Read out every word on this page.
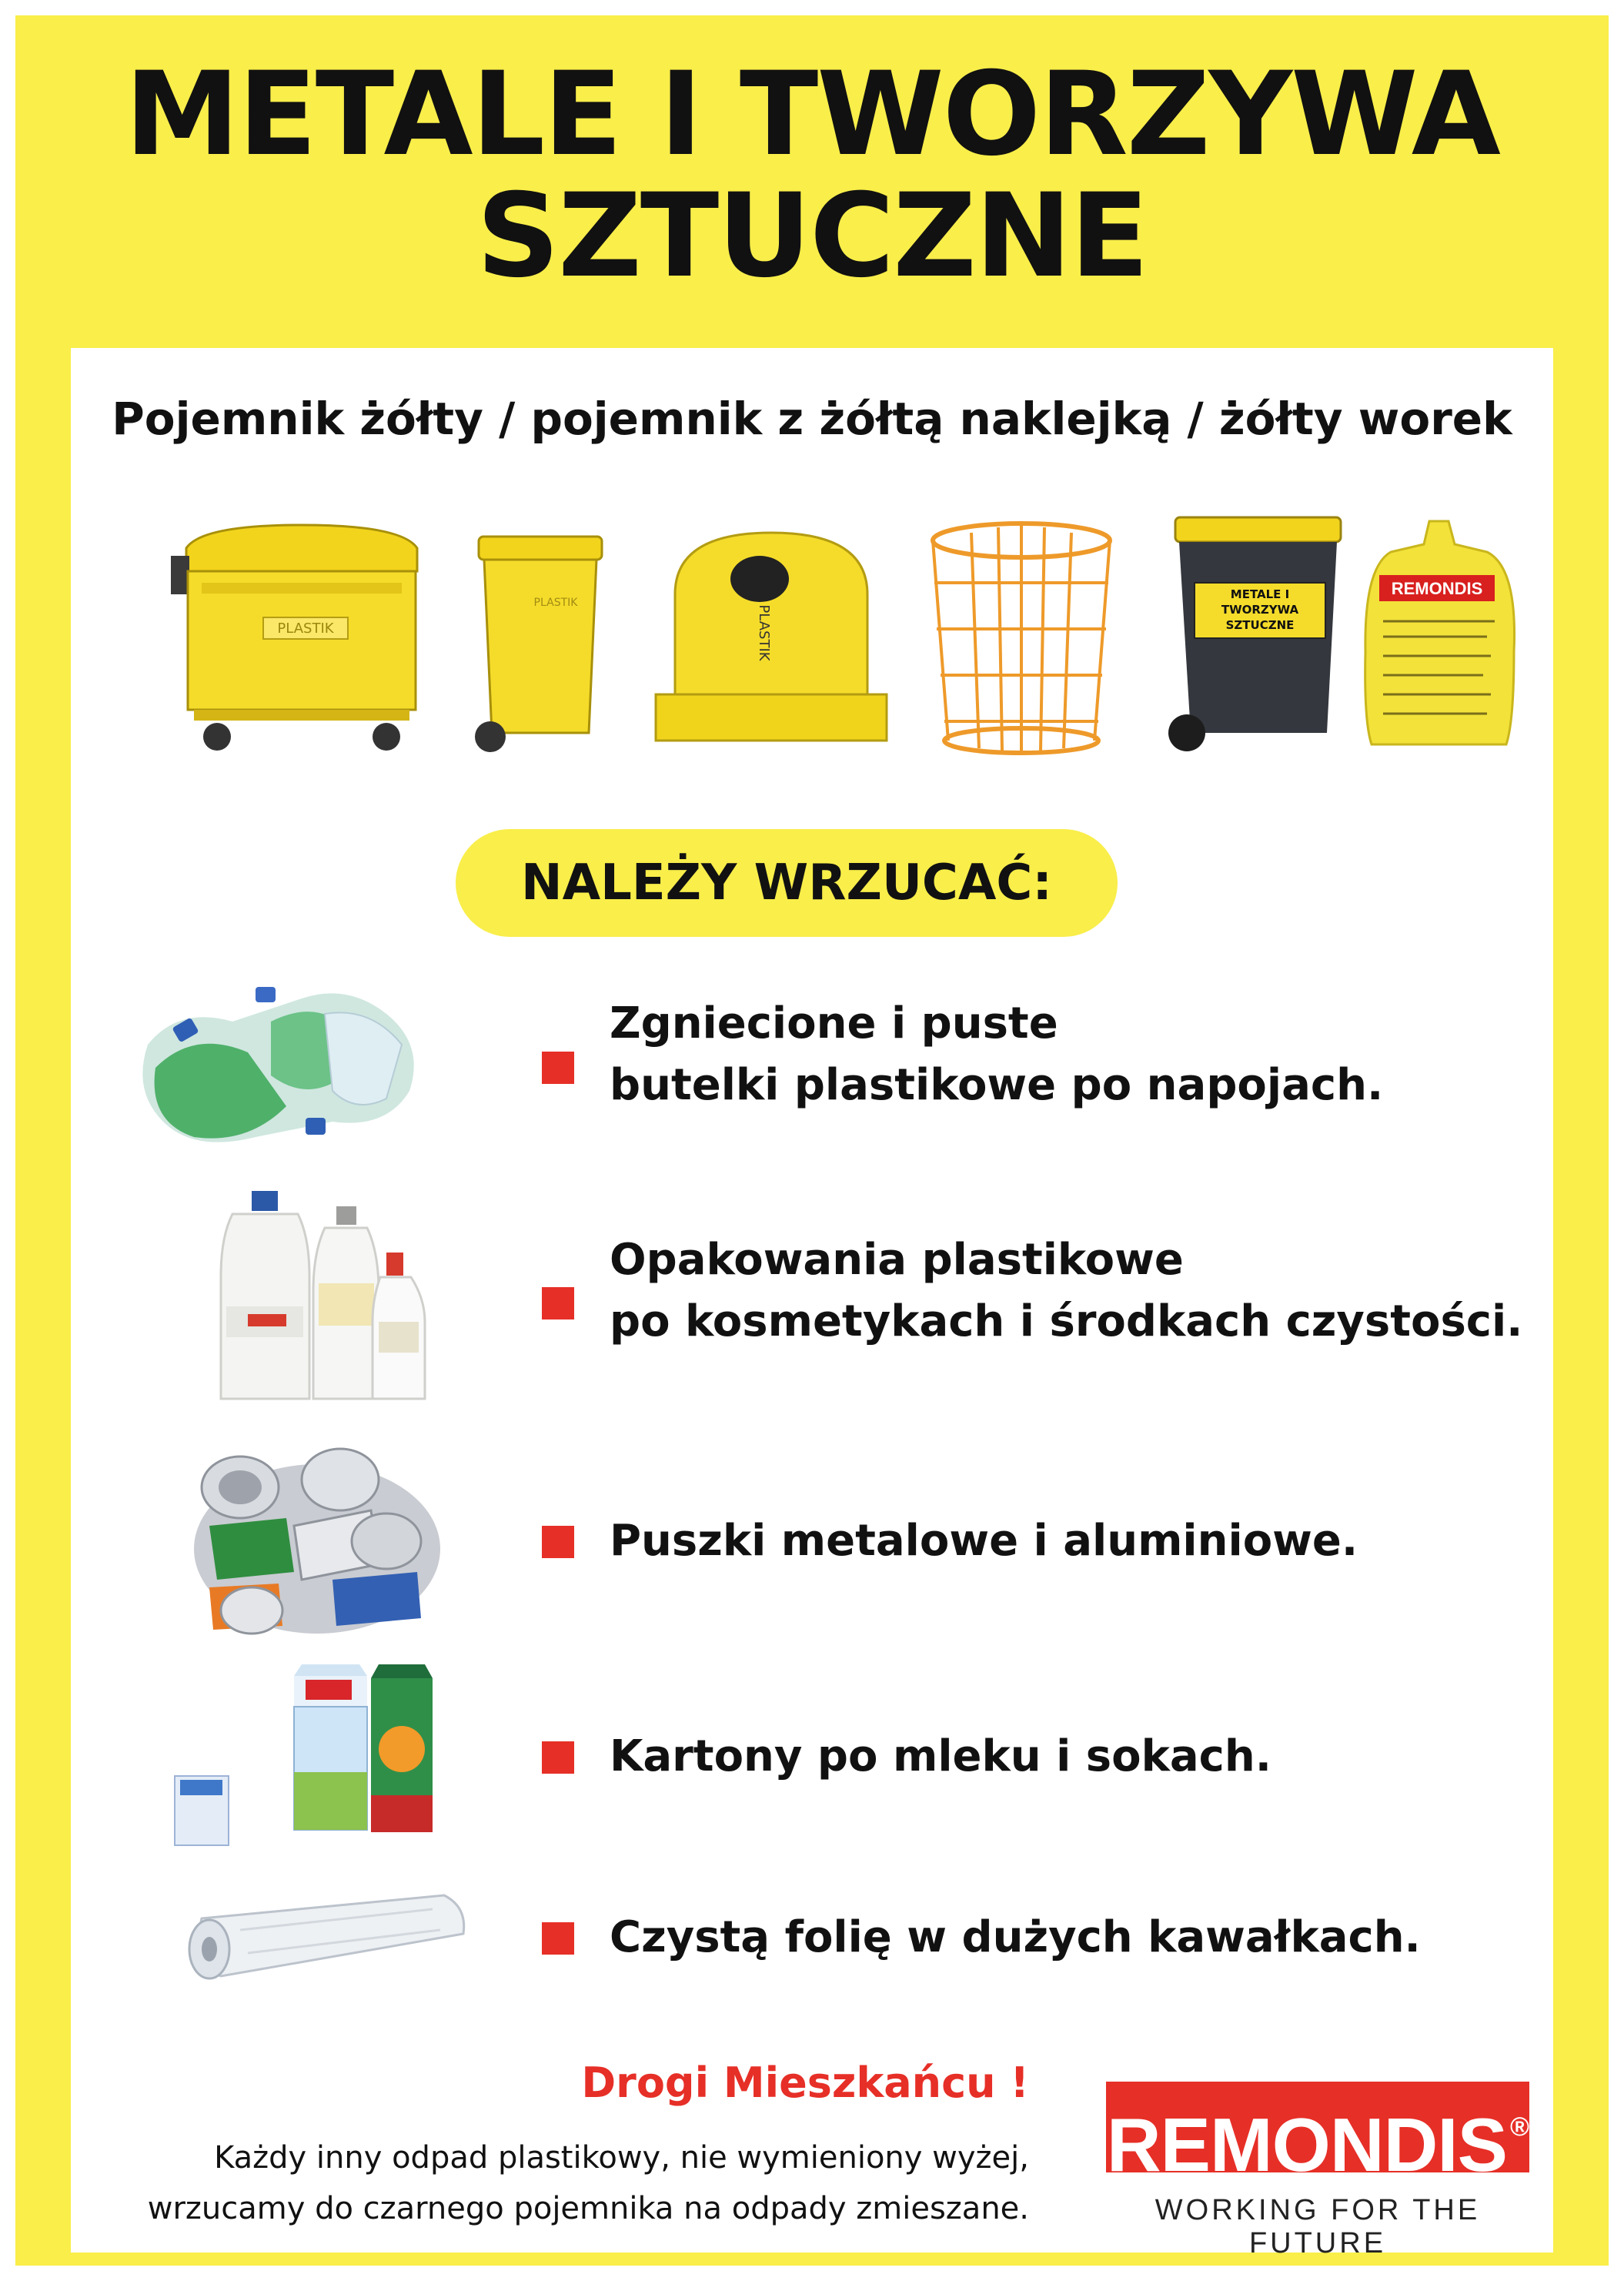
METALE I TWORZYWA
SZTUCZNE
Pojemnik żółty / pojemnik z żółtą naklejką / żółty worek
PLASTIK
PLASTIK
PLASTIK
METALE I
TWORZYWA
SZTUCZNE
REMONDIS
NALEŻY WRZUCAĆ:
Zgniecione i puste
butelki plastikowe po napojach.
Opakowania plastikowe
po kosmetykach i środkach czystości.
Puszki metalowe i aluminiowe.
Kartony po mleku i sokach.
Czystą folię w dużych kawałkach.
Drogi Mieszkańcu !
Każdy inny odpad plastikowy, nie wymieniony wyżej,
wrzucamy do czarnego pojemnika na odpady zmieszane.
REMONDIS ®
WORKING FOR THE FUTURE
